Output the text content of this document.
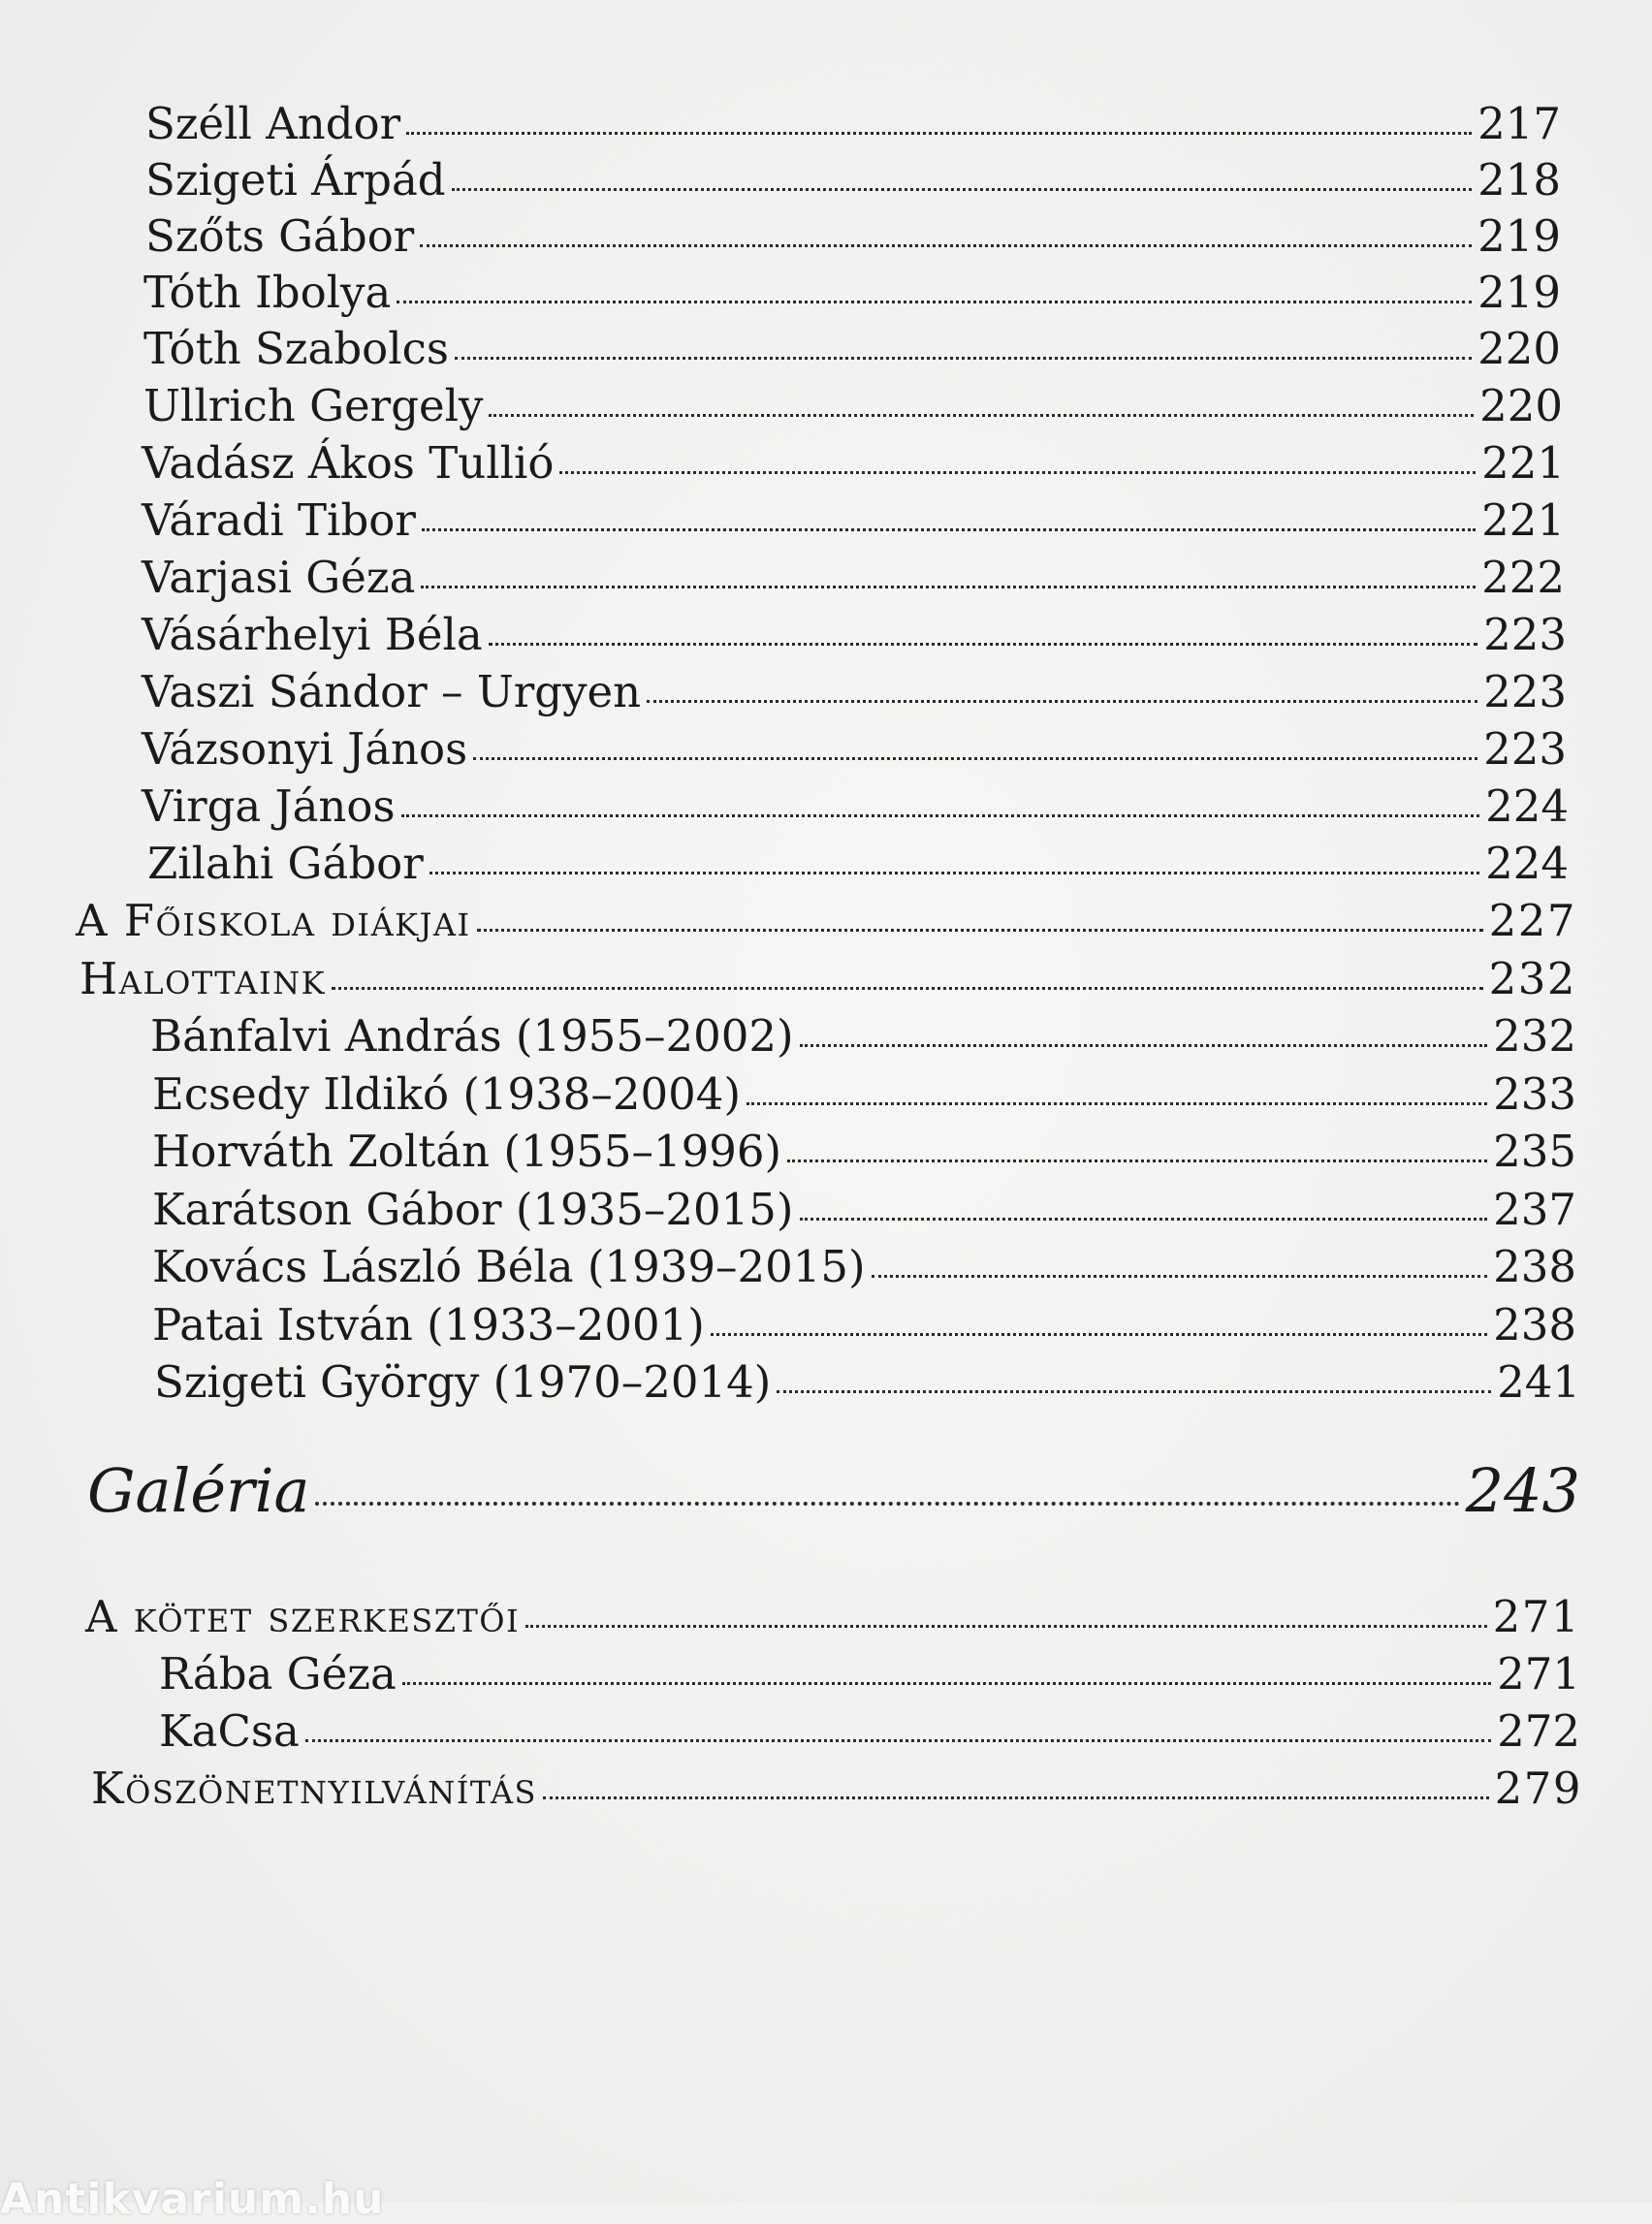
Széll Andor	217
Szigeti Árpád	218
Szőts Gábor	219
Tóth Ibolya	219
Tóth Szabolcs	220
Ullrich Gergely	220
Vadász Ákos Tullió	221
Váradi Tibor	221
Varjasi Géza	222
Vásárhelyi Béla	223
Vaszi Sándor – Urgyen	223
Vázsonyi János	223
Virga János	224
Zilahi Gábor	224
A Főiskola diákjai	227
Halottaink	232
Bánfalvi András (1955–2002)	232
Ecsedy Ildikó (1938–2004)	233
Horváth Zoltán (1955–1996)	235
Karátson Gábor (1935–2015)	237
Kovács László Béla (1939–2015)	238
Patai István (1933–2001)	238
Szigeti György (1970–2014)	241
Galéria	243
A kötet szerkesztői	271
Rába Géza	271
KaCsa	272
Köszönetnyilvánítás	279
Antikvarium.hu
